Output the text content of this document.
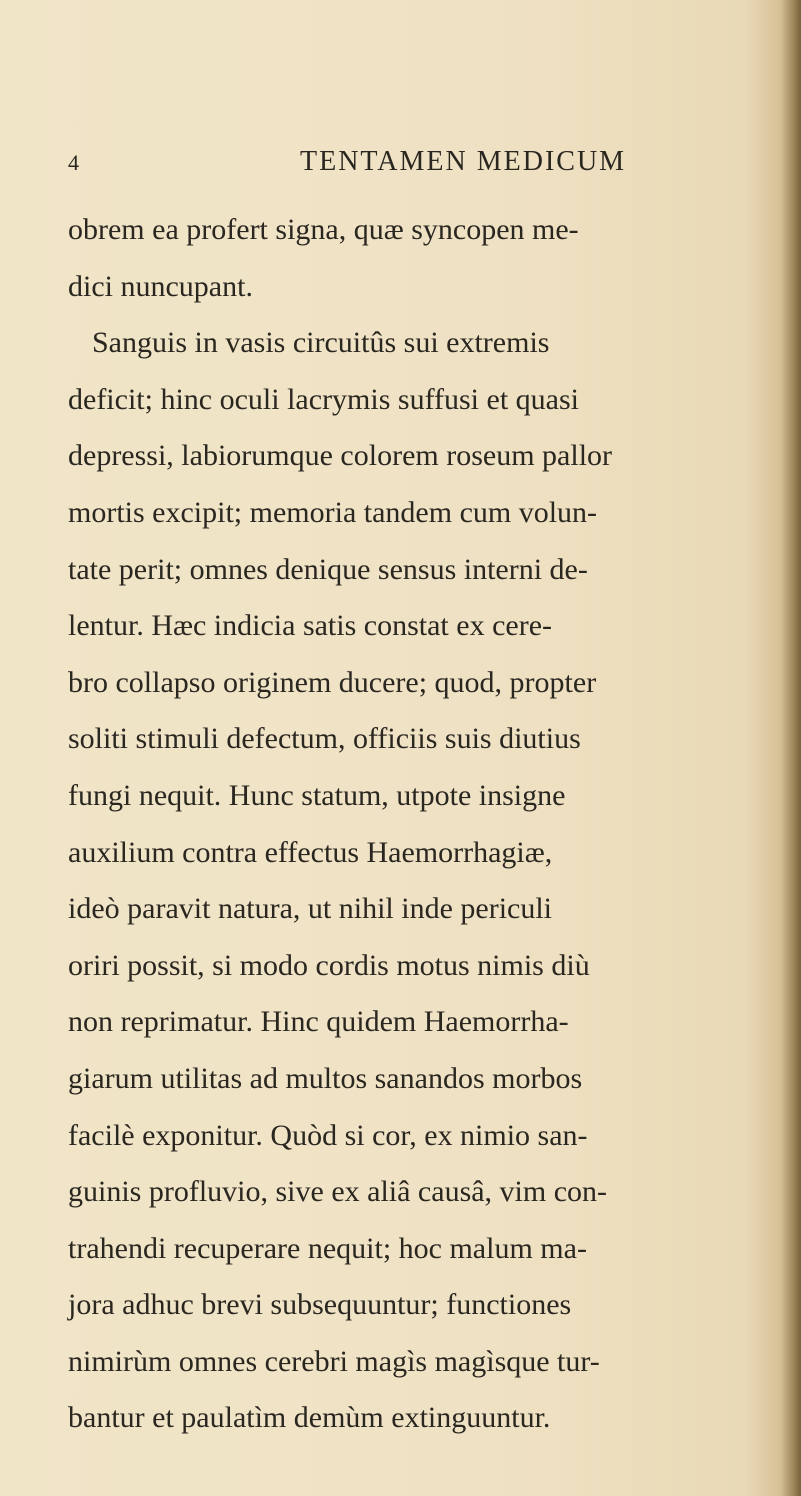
4	TENTAMEN MEDICUM
obrem ea profert signa, quæ syncopen me-
dici nuncupant.
Sanguis in vasis circuitûs sui extremis
deficit; hinc oculi lacrymis suffusi et quasi
depressi, labiorumque colorem roseum pallor
mortis excipit; memoria tandem cum volun-
tate perit; omnes denique sensus interni de-
lentur. Hæc indicia satis constat ex cere-
bro collapso originem ducere; quod, propter
soliti stimuli defectum, officiis suis diutius
fungi nequit. Hunc statum, utpote insigne
auxilium contra effectus Haemorrhagiæ,
ideò paravit natura, ut nihil inde periculi
oriri possit, si modo cordis motus nimis diù
non reprimatur. Hinc quidem Haemorrha-
giarum utilitas ad multos sanandos morbos
facilè exponitur. Quòd si cor, ex nimio san-
guinis profluvio, sive ex aliâ causâ, vim con-
trahendi recuperare nequit; hoc malum ma-
jora adhuc brevi subsequuntur; functiones
nimirùm omnes cerebri magìs magìsque tur-
bantur et paulatìm demùm extinguuntur.
